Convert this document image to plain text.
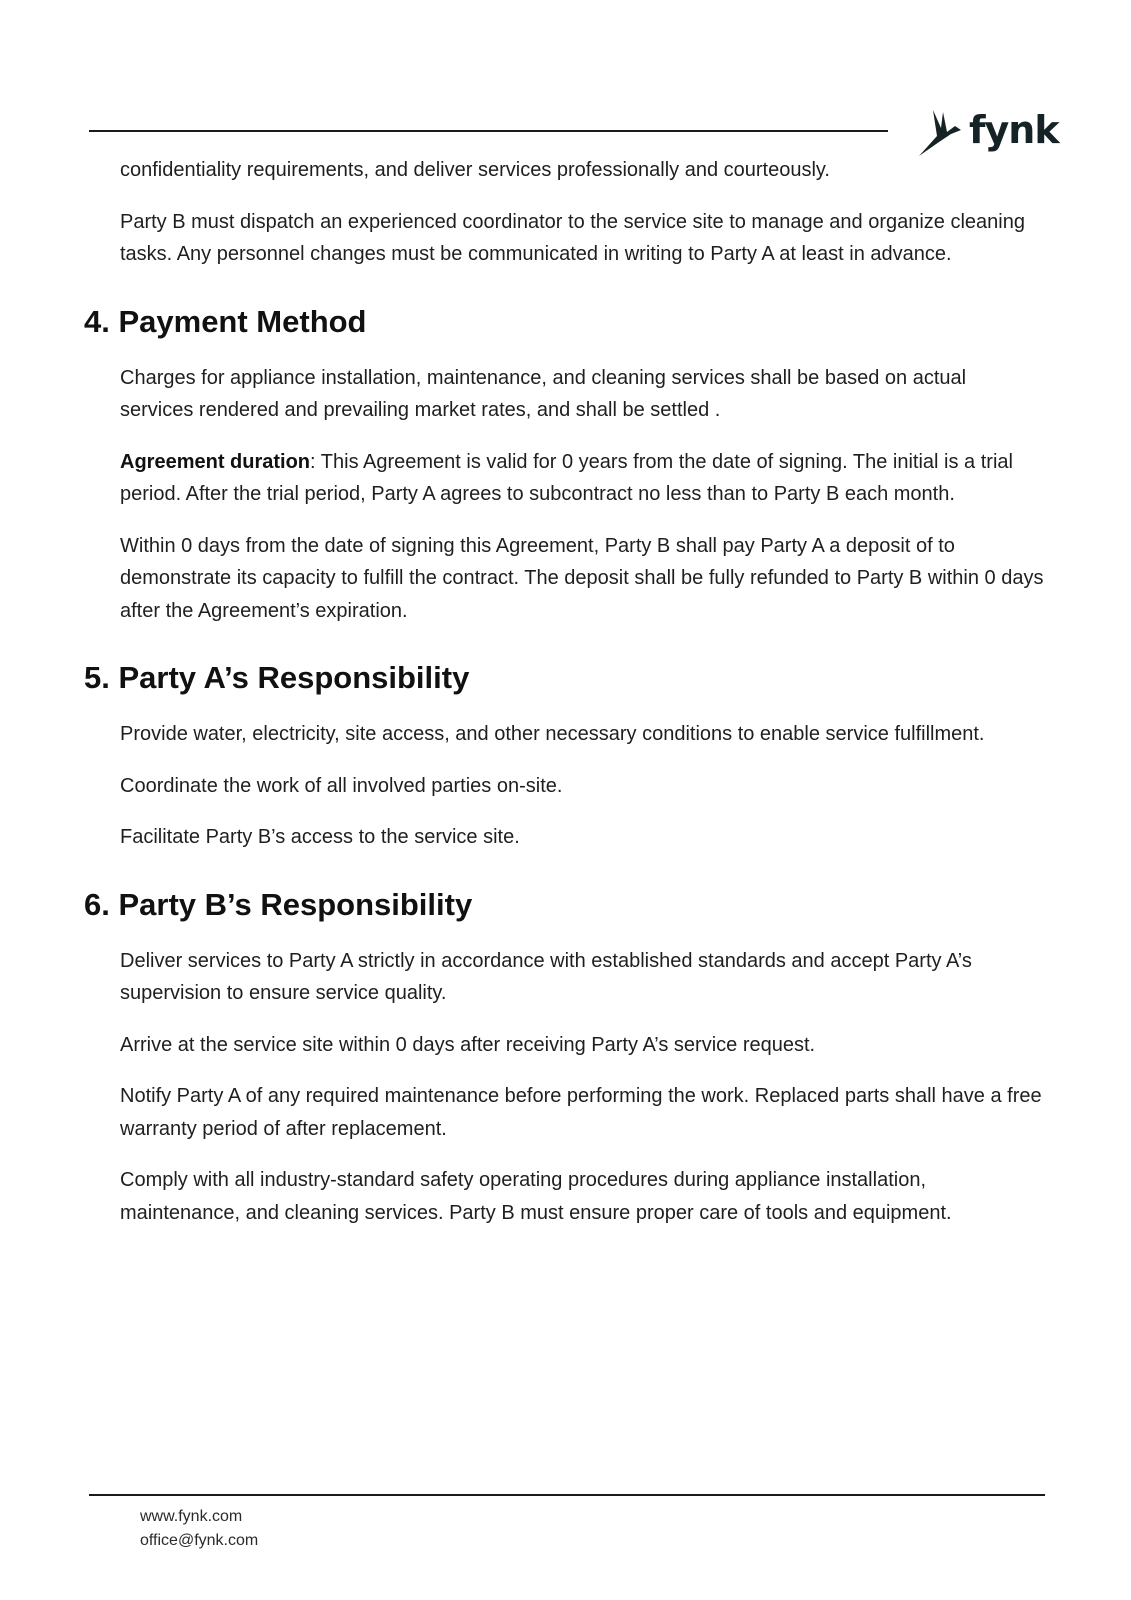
fynk

confidentiality requirements, and deliver services professionally and courteously.

Party B must dispatch an experienced coordinator to the service site to manage and organize cleaning tasks. Any personnel changes must be communicated in writing to Party A at least in advance.

4. Payment Method

Charges for appliance installation, maintenance, and cleaning services shall be based on actual services rendered and prevailing market rates, and shall be settled .

Agreement duration: This Agreement is valid for 0 years from the date of signing. The initial is a trial period. After the trial period, Party A agrees to subcontract no less than to Party B each month.

Within 0 days from the date of signing this Agreement, Party B shall pay Party A a deposit of to demonstrate its capacity to fulfill the contract. The deposit shall be fully refunded to Party B within 0 days after the Agreement’s expiration.

5. Party A’s Responsibility

Provide water, electricity, site access, and other necessary conditions to enable service fulfillment.

Coordinate the work of all involved parties on-site.

Facilitate Party B’s access to the service site.

6. Party B’s Responsibility

Deliver services to Party A strictly in accordance with established standards and accept Party A’s supervision to ensure service quality.

Arrive at the service site within 0 days after receiving Party A’s service request.

Notify Party A of any required maintenance before performing the work. Replaced parts shall have a free warranty period of after replacement.

Comply with all industry-standard safety operating procedures during appliance installation, maintenance, and cleaning services. Party B must ensure proper care of tools and equipment.

www.fynk.com
office@fynk.com
